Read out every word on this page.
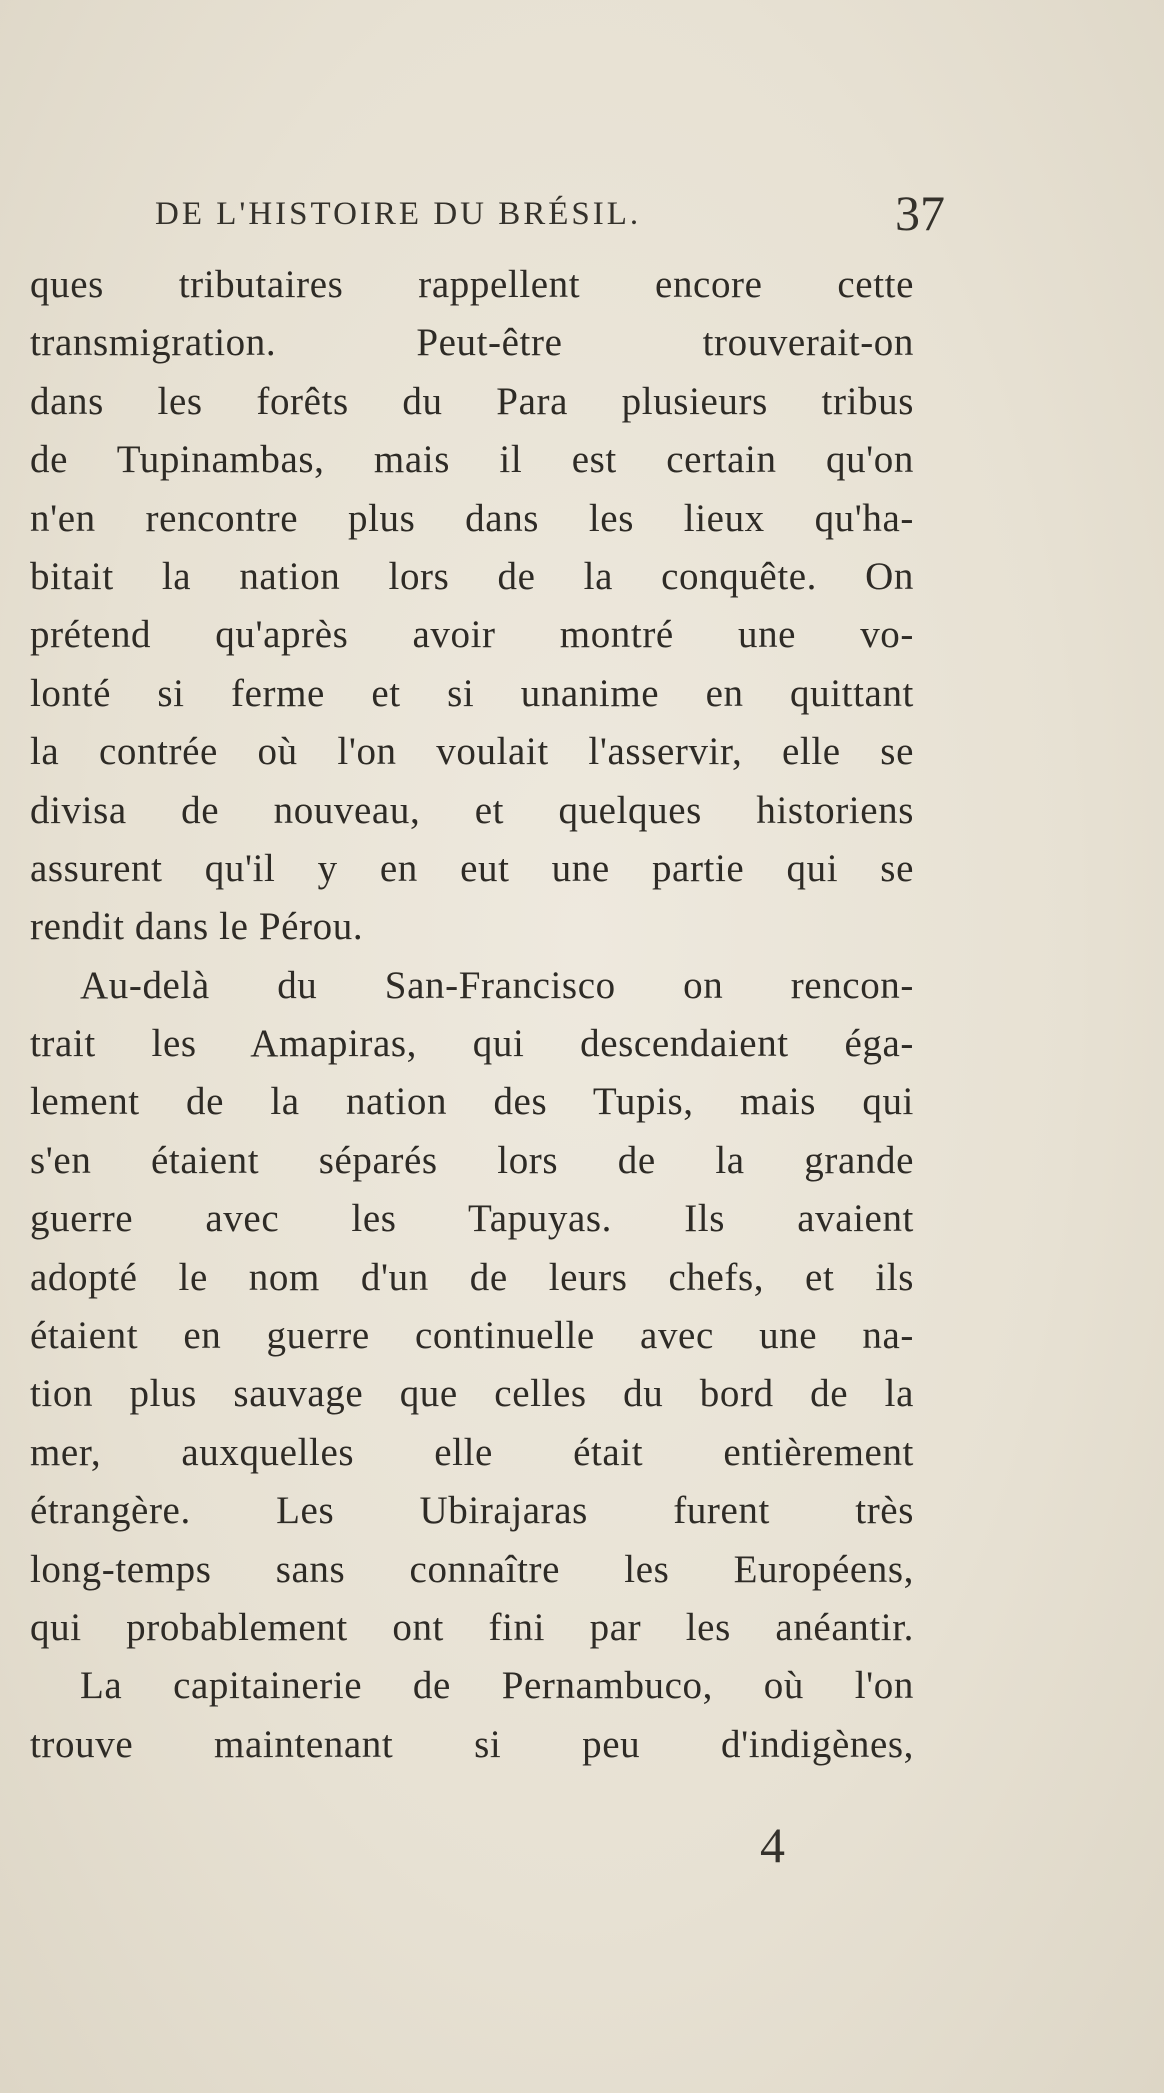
DE L'HISTOIRE DU BRÉSIL.	37
ques tributaires rappellent encore cette
transmigration. Peut-être trouverait-on
dans les forêts du Para plusieurs tribus
de Tupinambas, mais il est certain qu'on
n'en rencontre plus dans les lieux qu'ha-
bitait la nation lors de la conquête. On
prétend qu'après avoir montré une vo-
lonté si ferme et si unanime en quittant
la contrée où l'on voulait l'asservir, elle se
divisa de nouveau, et quelques historiens
assurent qu'il y en eut une partie qui se
rendit dans le Pérou.
Au-delà du San-Francisco on rencon-
trait les Amapiras, qui descendaient éga-
lement de la nation des Tupis, mais qui
s'en étaient séparés lors de la grande
guerre avec les Tapuyas. Ils avaient
adopté le nom d'un de leurs chefs, et ils
étaient en guerre continuelle avec une na-
tion plus sauvage que celles du bord de la
mer, auxquelles elle était entièrement
étrangère. Les Ubirajaras furent très
long-temps sans connaître les Européens,
qui probablement ont fini par les anéantir.
La capitainerie de Pernambuco, où l'on
trouve maintenant si peu d'indigènes,
4
